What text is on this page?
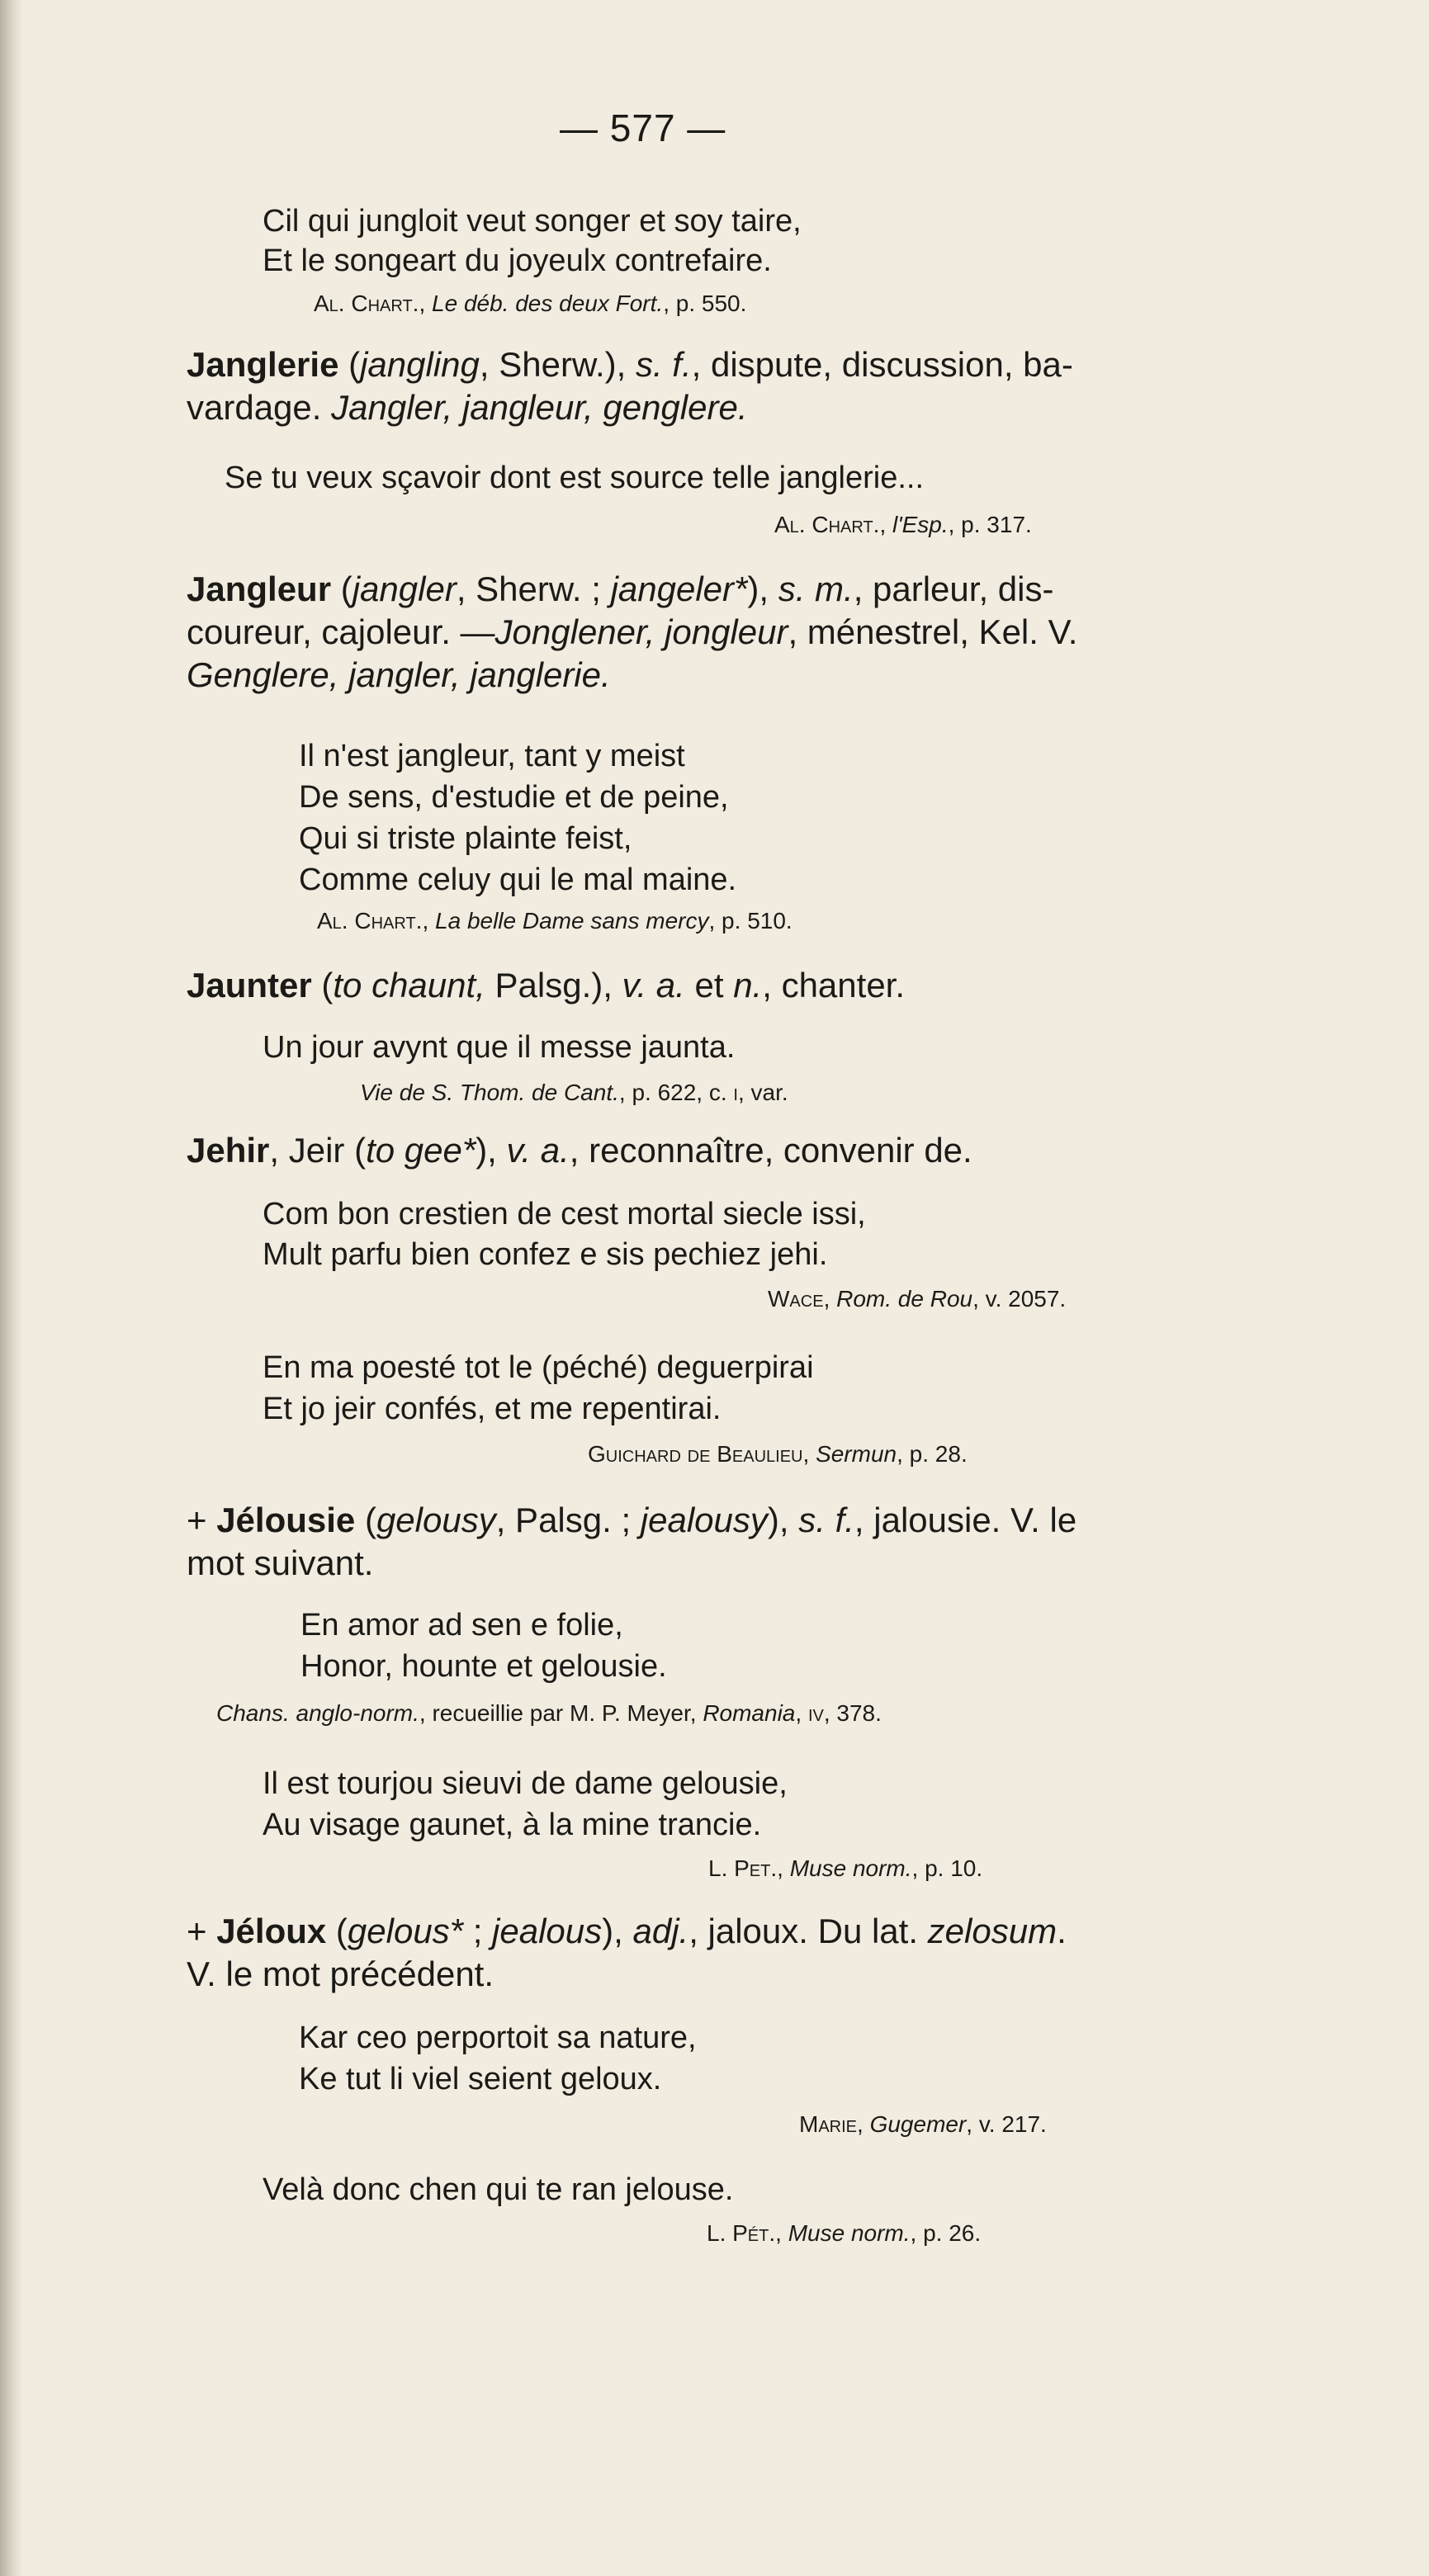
— 577 —
Cil qui jungloit veut songer et soy taire,
Et le songeart du joyeulx contrefaire.
Al. Chart., Le déb. des deux Fort., p. 550.
Janglerie (jangling, Sherw.), s. f., dispute, discussion, ba-
vardage. Jangler, jangleur, genglere.
Se tu veux sçavoir dont est source telle janglerie...
Al. Chart., l'Esp., p. 317.
Jangleur (jangler, Sherw. ; jangeler*), s. m., parleur, dis-
coureur, cajoleur. —Jonglener, jongleur, ménestrel, Kel. V.
Genglere, jangler, janglerie.
Il n'est jangleur, tant y meist
De sens, d'estudie et de peine,
Qui si triste plainte feist,
Comme celuy qui le mal maine.
Al. Chart., La belle Dame sans mercy, p. 510.
Jaunter (to chaunt, Palsg.), v. a. et n., chanter.
Un jour avynt que il messe jaunta.
Vie de S. Thom. de Cant., p. 622, c. i, var.
Jehir, Jeir (to gee*), v. a., reconnaître, convenir de.
Com bon crestien de cest mortal siecle issi,
Mult parfu bien confez e sis pechiez jehi.
Wace, Rom. de Rou, v. 2057.
En ma poesté tot le (péché) deguerpirai
Et jo jeir confés, et me repentirai.
Guichard de Beaulieu, Sermun, p. 28.
+ Jélousie (gelousy, Palsg. ; jealousy), s. f., jalousie. V. le
mot suivant.
En amor ad sen e folie,
Honor, hounte et gelousie.
Chans. anglo-norm., recueillie par M. P. Meyer, Romania, iv, 378.
Il est tourjou sieuvi de dame gelousie,
Au visage gaunet, à la mine trancie.
L. Pet., Muse norm., p. 10.
+ Jéloux (gelous* ; jealous), adj., jaloux. Du lat. zelosum.
V. le mot précédent.
Kar ceo perportoit sa nature,
Ke tut li viel seient geloux.
Marie, Gugemer, v. 217.
Velà donc chen qui te ran jelouse.
L. Pét., Muse norm., p. 26.
